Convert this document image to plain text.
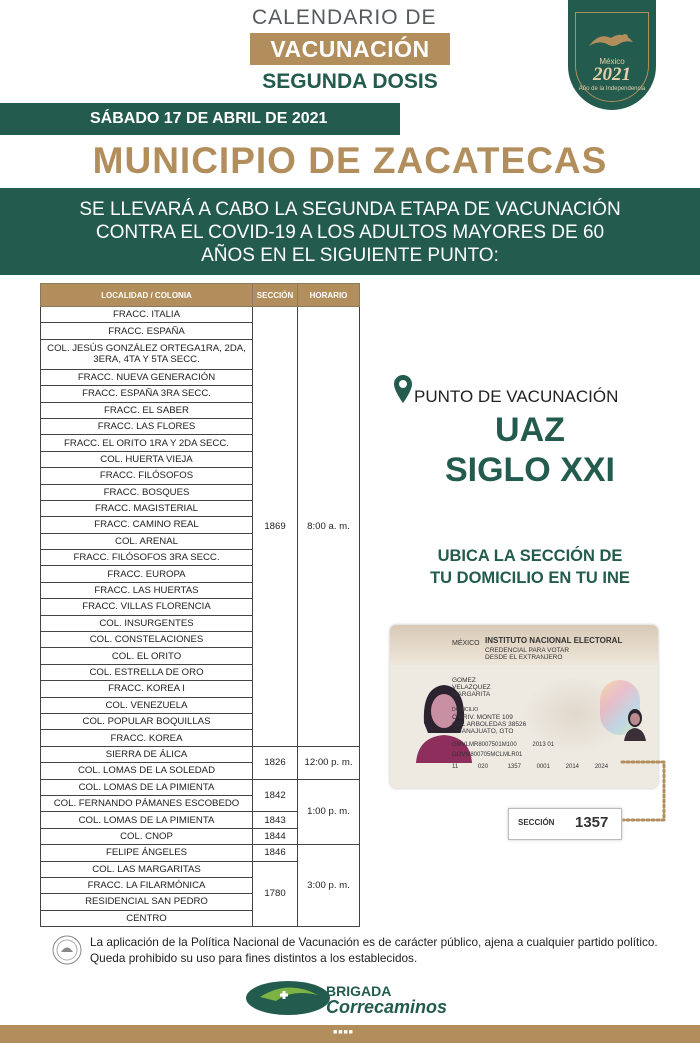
CALENDARIO DE
VACUNACIÓN
SEGUNDA DOSIS
SÁBADO 17 DE ABRIL DE 2021
México
2021
Año de la Independencia
MUNICIPIO DE ZACATECAS
SE LLEVARÁ A CABO LA SEGUNDA ETAPA DE VACUNACIÓN
CONTRA EL COVID-19 A LOS ADULTOS MAYORES DE 60
AÑOS EN EL SIGUIENTE PUNTO:
LOCALIDAD / COLONIA	SECCIÓN	HORARIO
FRACC. ITALIA	1869	8:00 a. m.
FRACC. ESPAÑA		
COL. JESÚS GONZÁLEZ ORTEGA1RA, 2DA, 3ERA, 4TA Y 5TA SECC.		
FRACC. NUEVA GENERACIÓN		
FRACC. ESPAÑA 3RA SECC.		
FRACC. EL SABER		
FRACC. LAS FLORES		
FRACC. EL ORITO 1RA Y 2DA SECC.		
COL. HUERTA VIEJA		
FRACC. FILÓSOFOS		
FRACC. BOSQUES		
FRACC. MAGISTERIAL		
FRACC. CAMINO REAL		
COL. ARENAL		
FRACC. FILÓSOFOS 3RA SECC.		
FRACC. EUROPA		
FRACC. LAS HUERTAS		
FRACC. VILLAS FLORENCIA		
COL. INSURGENTES		
COL. CONSTELACIONES		
COL. EL ORITO		
COL. ESTRELLA DE ORO		
FRACC. KOREA I		
COL. VENEZUELA		
COL. POPULAR BOQUILLAS		
FRACC. KOREA		
SIERRA DE ÁLICA	1826	12:00 p. m.
COL. LOMAS DE LA SOLEDAD		
COL. LOMAS DE LA PIMIENTA	1842	1:00 p. m.
COL. FERNANDO PÁMANES ESCOBEDO		
COL. LOMAS DE LA PIMIENTA	1843	
COL. CNOP	1844	
FELIPE ÁNGELES	1846	3:00 p. m.
COL. LAS MARGARITAS	1780	
FRACC. LA FILARMÓNICA		
RESIDENCIAL SAN PEDRO		
CENTRO		
PUNTO DE VACUNACIÓN
UAZ
SIGLO XXI
UBICA LA SECCIÓN DE
TU DOMICILIO EN TU INE
MÉXICO INSTITUTO NACIONAL ELECTORAL
CREDENCIAL PARA VOTAR
DESDE EL EXTRANJERO
GOMEZ
VELAZQUEZ
MARGARITA
DOMICILIO
C PRIV. MONTE 109
COL ARBOLEDAS 38526
GUANAJUATO, GTO
GMVLMR8007501M100	2013 01
GOVM800705MCLMLR01
11	020	1357	0001	2014	2024
SECCIÓN 1357
La aplicación de la Política Nacional de Vacunación es de carácter público, ajena a cualquier partido político. Queda prohibido su uso para fines distintos a los establecidos.
BRIGADA
Correcaminos
■■■■
